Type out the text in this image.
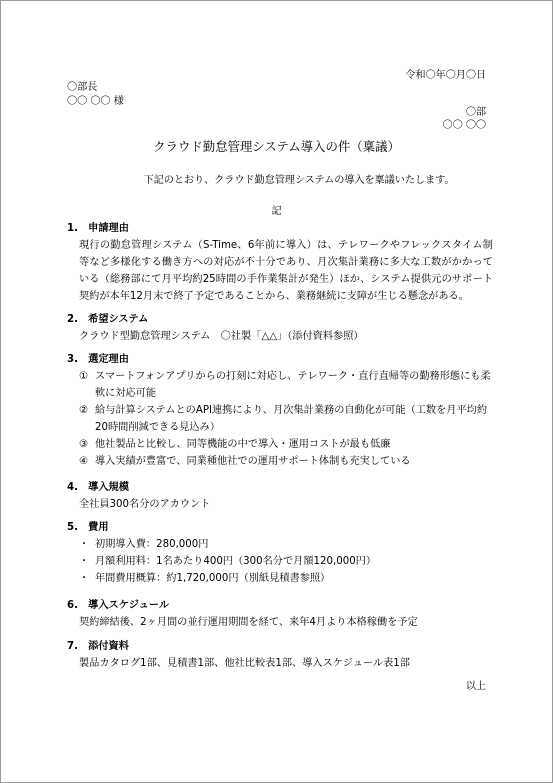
令和〇年〇月〇日
〇部長
〇〇 〇〇 様
〇部
〇〇 〇〇
クラウド勤怠管理システム導入の件（稟議）
下記のとおり、クラウド勤怠管理システムの導入を稟議いたします。
記
1.　申請理由
現行の勤怠管理システム（S-Time、6年前に導入）は、テレワークやフレックスタイム制等など多様化する働き方への対応が不十分であり、月次集計業務に多大な工数がかかっている（総務部にて月平均約25時間の手作業集計が発生）ほか、システム提供元のサポート契約が本年12月末で終了予定であることから、業務継続に支障が生じる懸念がある。
2.　希望システム
クラウド型勤怠管理システム　〇社製「△△」（添付資料参照）
3.　選定理由
① スマートフォンアプリからの打刻に対応し、テレワーク・直行直帰等の勤務形態にも柔軟に対応可能
② 給与計算システムとのAPI連携により、月次集計業務の自動化が可能（工数を月平均約20時間削減できる見込み）
③ 他社製品と比較し、同等機能の中で導入・運用コストが最も低廉
④ 導入実績が豊富で、同業種他社での運用サポート体制も充実している
4.　導入規模
全社員300名分のアカウント
5.　費用
・ 初期導入費：280,000円
・ 月額利用料：1名あたり400円（300名分で月額120,000円）
・ 年間費用概算：約1,720,000円（別紙見積書参照）
6.　導入スケジュール
契約締結後、2ヶ月間の並行運用期間を経て、来年4月より本格稼働を予定
7.　添付資料
製品カタログ1部、見積書1部、他社比較表1部、導入スケジュール表1部
以上
